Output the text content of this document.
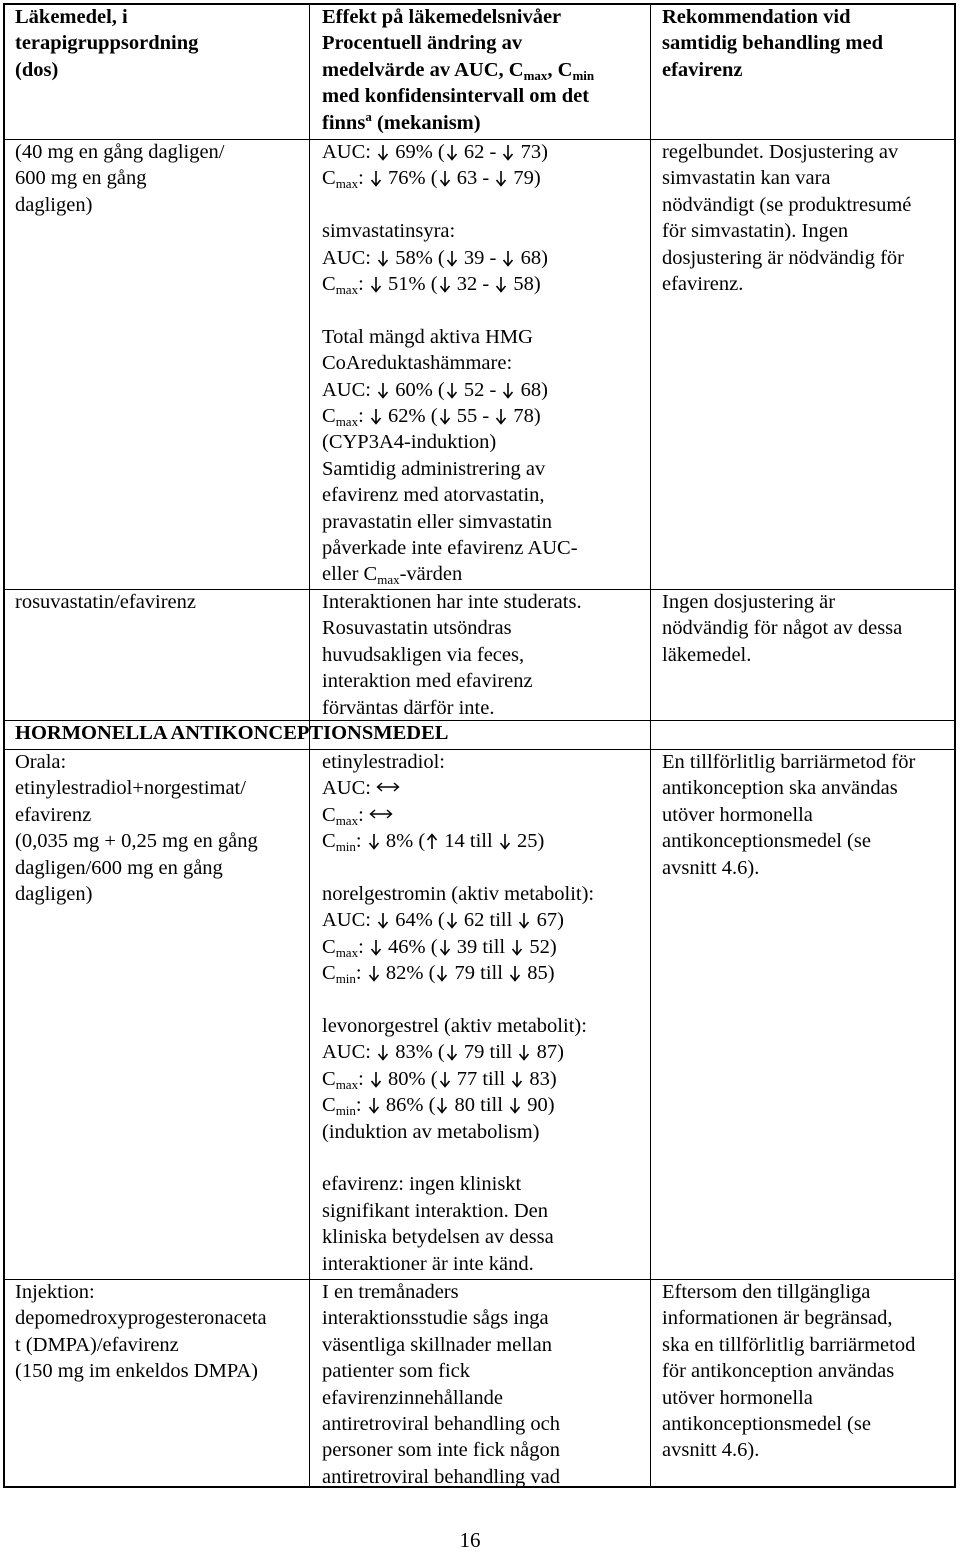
Läkemedel, i
terapigruppsordning
(dos)
Effekt på läkemedelsnivåer
Procentuell ändring av
medelvärde av AUC, $C_{max}$, $C_{min}$
med konfidensintervall om det
finns$^a$ (mekanism)
Rekommendation vid
samtidig behandling med
efavirenz
(40 mg en gång dagligen/
600 mg en gång
dagligen)
AUC:
69% ( 62 -
73)
$C_{max}$:
76% ( 63 -
79)
simvastatinsyra:
AUC:
58% ( 39 -
68)
$C_{max}$:
51% ( 32 -
58)
Total mängd aktiva HMG
CoAreduktashämmare:
AUC:
60% ( 52 -
68)
$C_{max}$:
62% ( 55 -
78)
(CYP3A4-induktion)
Samtidig administrering av
efavirenz med atorvastatin,
pravastatin eller simvastatin
påverkade inte efavirenz AUC-
eller $C_{max}$-värden
regelbundet. Dosjustering av
simvastatin kan vara
nödvändigt (se produktresumé
för simvastatin). Ingen
dosjustering är nödvändig för
efavirenz.
rosuvastatin/efavirenz	Interaktionen har inte studerats.
Rosuvastatin utsöndras
huvudsakligen via feces,
interaktion med efavirenz
förväntas därför inte.
Ingen dosjustering är
nödvändig för något av dessa
läkemedel.
HORMONELLA ANTIKONCEPTIONSMEDEL
Orala:
etinylestradiol+norgestimat/
efavirenz
(0,035 mg + 0,25 mg en gång
dagligen/600 mg en gång
dagligen)
etinylestradiol:
AUC:
$C_{max}$:
$C_{min}$:
8% ( 14 till
25)
norelgestromin (aktiv metabolit):
AUC:
64% ( 62 till
67)
$C_{max}$:
46% ( 39 till
52)
$C_{min}$:
82% ( 79 till
85)
levonorgestrel (aktiv metabolit):
AUC:
83% ( 79 till
87)
$C_{max}$:
80% ( 77 till
83)
$C_{min}$:
86% ( 80 till
90)
(induktion av metabolism)
efavirenz: ingen kliniskt
signifikant interaktion. Den
kliniska betydelsen av dessa
interaktioner är inte känd.
En tillförlitlig barriärmetod för
antikonception ska användas
utöver hormonella
antikonceptionsmedel (se
avsnitt 4.6).
Injektion:
depomedroxyprogesteronaceta
t (DMPA)/efavirenz
(150 mg im enkeldos DMPA)
I en tremånaders
interaktionsstudie sågs inga
väsentliga skillnader mellan
patienter som fick
efavirenzinnehållande
antiretroviral behandling och
personer som inte fick någon
antiretroviral behandling vad
Eftersom den tillgängliga
informationen är begränsad,
ska en tillförlitlig barriärmetod
för antikonception användas
utöver hormonella
antikonceptionsmedel (se
avsnitt 4.6).
16
